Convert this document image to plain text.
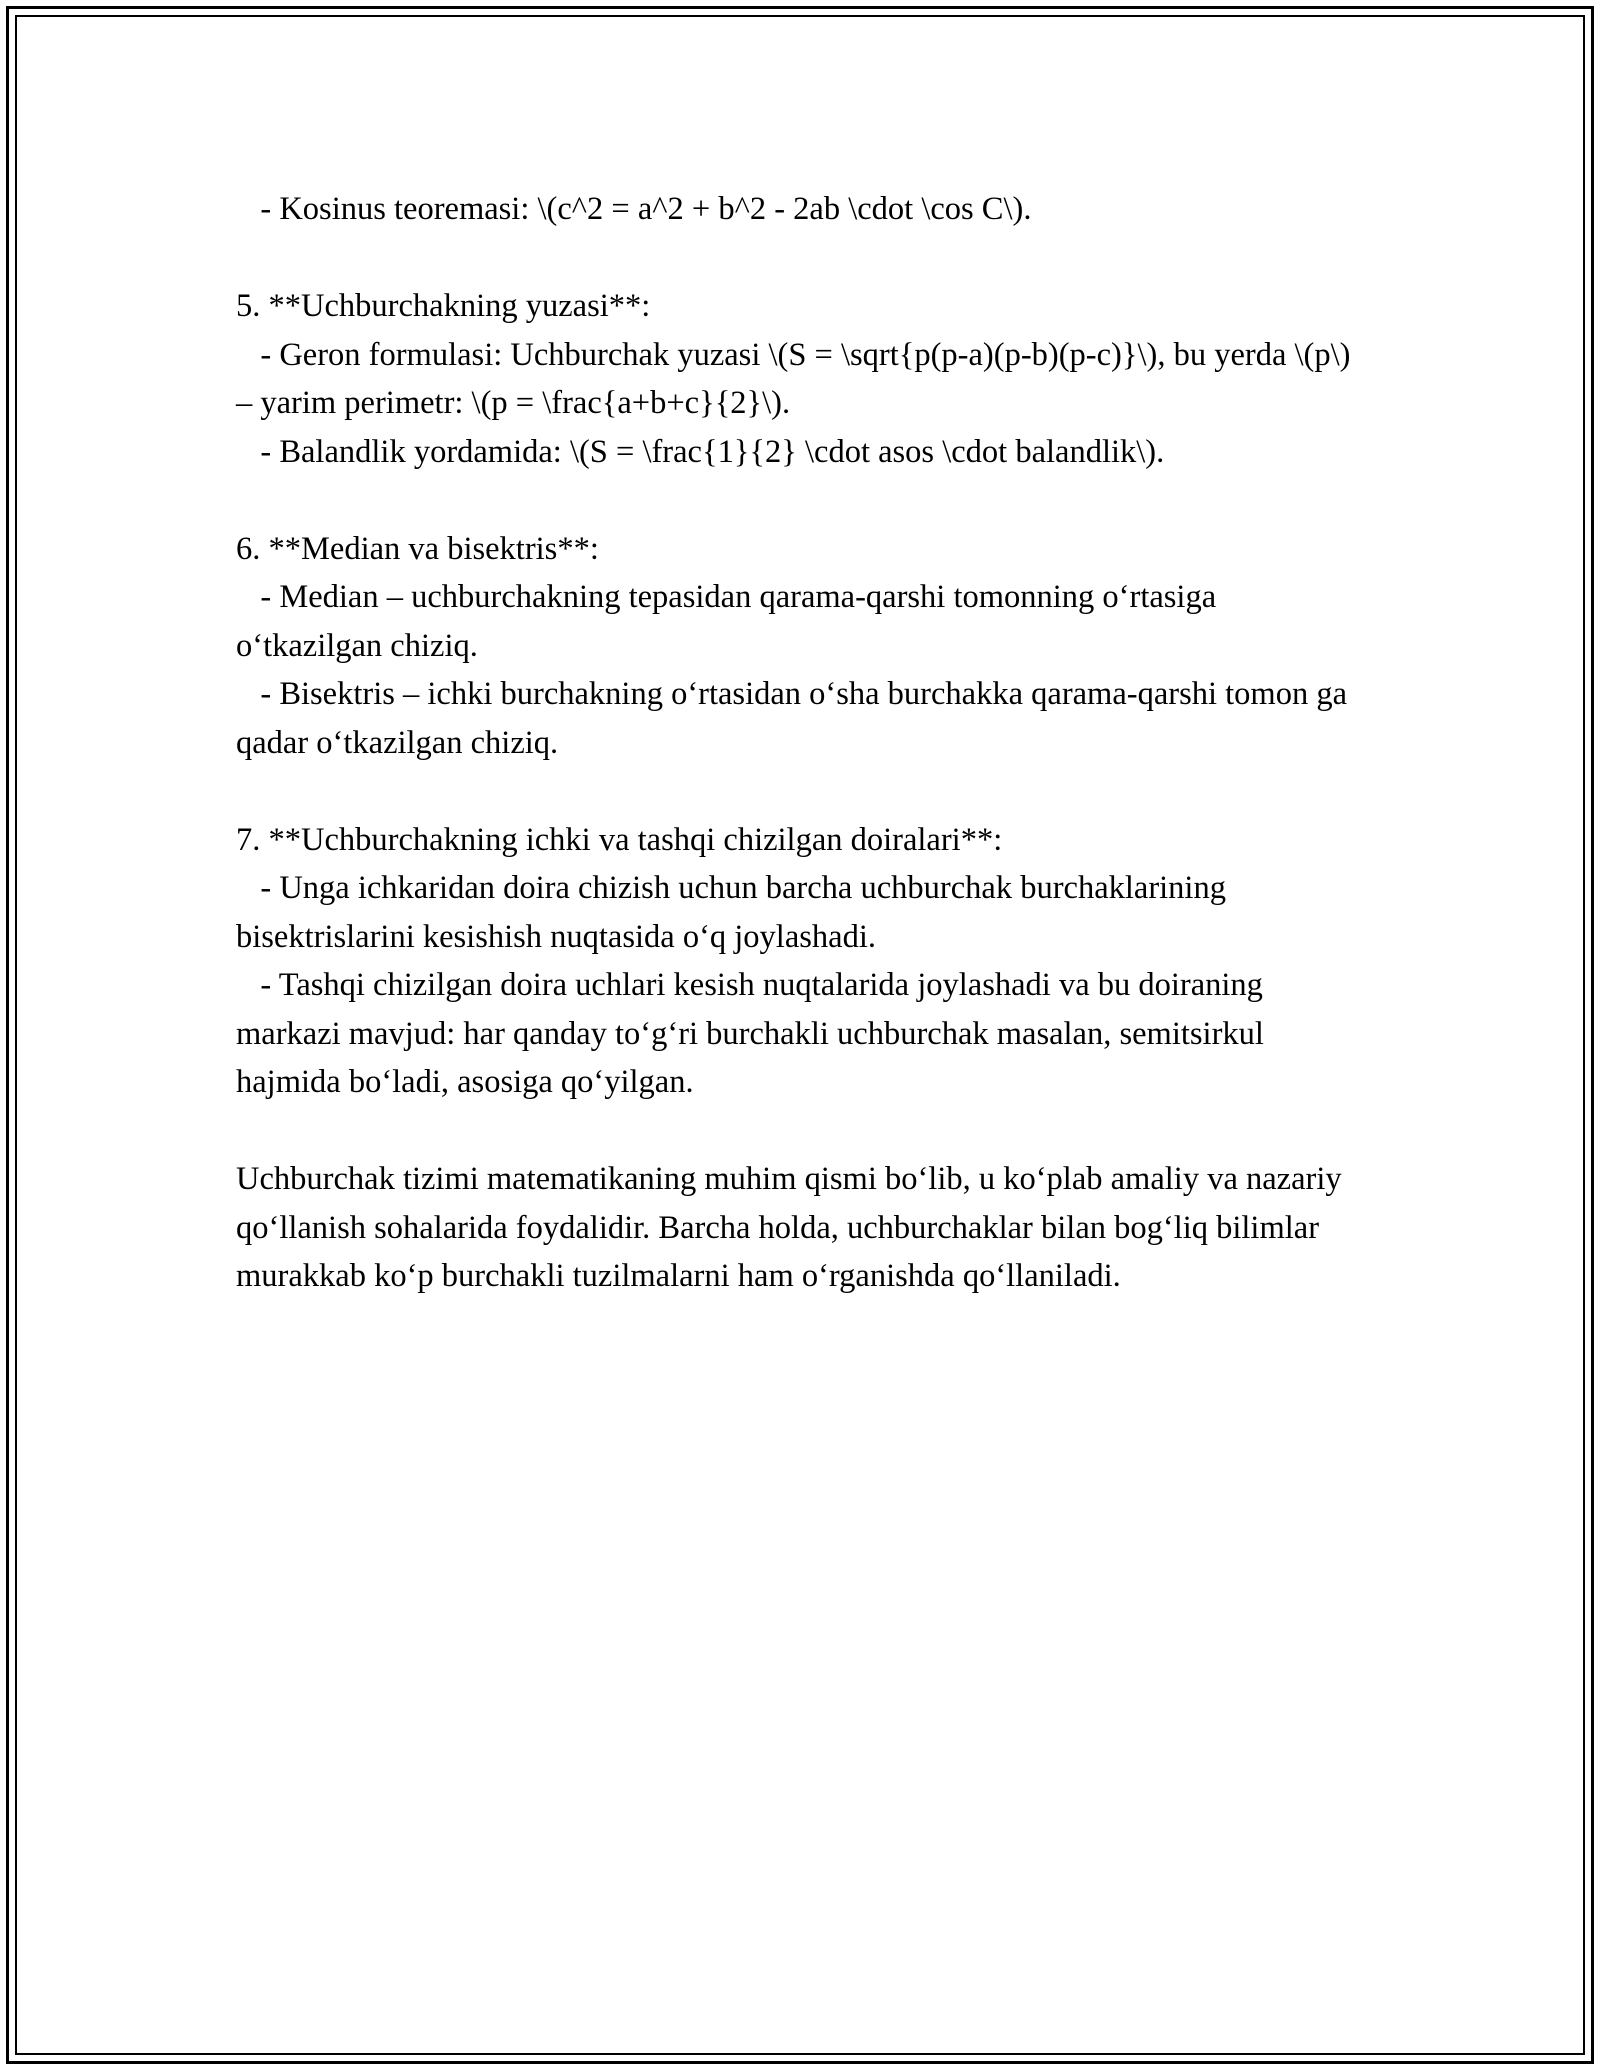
- Kosinus teoremasi: \(c^2 = a^2 + b^2 - 2ab \cdot \cos C\).

5. **Uchburchakning yuzasi**:

- Geron formulasi: Uchburchak yuzasi \(S = \sqrt{p(p-a)(p-b)(p-c)}\), bu yerda \(p\) – yarim perimetr: \(p = \frac{a+b+c}{2}\).

- Balandlik yordamida: \(S = \frac{1}{2} \cdot asos \cdot balandlik\).

6. **Median va bisektris**:

- Median – uchburchakning tepasidan qarama-qarshi tomonning o‘rtasiga o‘tkazilgan chiziq.

- Bisektris – ichki burchakning o‘rtasidan o‘sha burchakka qarama-qarshi tomon ga qadar o‘tkazilgan chiziq.

7. **Uchburchakning ichki va tashqi chizilgan doiralari**:

- Unga ichkaridan doira chizish uchun barcha uchburchak burchaklarining bisektrislarini kesishish nuqtasida o‘q joylashadi.

- Tashqi chizilgan doira uchlari kesish nuqtalarida joylashadi va bu doiraning markazi mavjud: har qanday to‘g‘ri burchakli uchburchak masalan, semitsirkul hajmida bo‘ladi, asosiga qo‘yilgan.

Uchburchak tizimi matematikaning muhim qismi bo‘lib, u ko‘plab amaliy va nazariy qo‘llanish sohalarida foydalidir. Barcha holda, uchburchaklar bilan bog‘liq bilimlar murakkab ko‘p burchakli tuzilmalarni ham o‘rganishda qo‘llaniladi.
